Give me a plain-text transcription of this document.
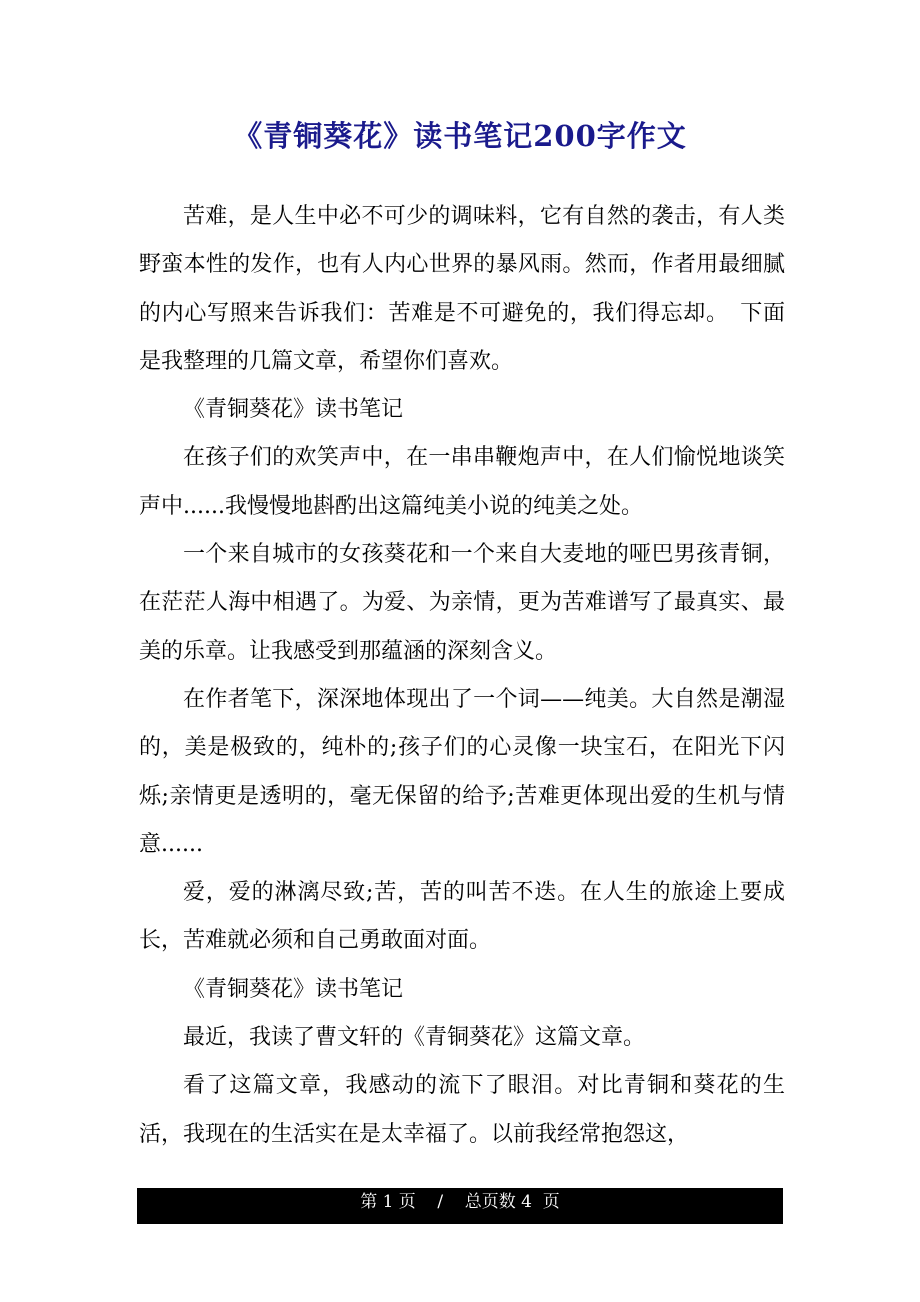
《青铜葵花》读书笔记200字作文

苦难，是人生中必不可少的调味料，它有自然的袭击，有人类野蛮本性的发作，也有人内心世界的暴风雨。然而，作者用最细腻的内心写照来告诉我们：苦难是不可避免的，我们得忘却。　下面是我整理的几篇文章，希望你们喜欢。

《青铜葵花》读书笔记

在孩子们的欢笑声中，在一串串鞭炮声中，在人们愉悦地谈笑声中......我慢慢地斟酌出这篇纯美小说的纯美之处。

一个来自城市的女孩葵花和一个来自大麦地的哑巴男孩青铜，在茫茫人海中相遇了。为爱、为亲情，更为苦难谱写了最真实、最美的乐章。让我感受到那蕴涵的深刻含义。

在作者笔下，深深地体现出了一个词——纯美。大自然是潮湿的，美是极致的，纯朴的;孩子们的心灵像一块宝石，在阳光下闪烁;亲情更是透明的，毫无保留的给予;苦难更体现出爱的生机与情意......

爱，爱的淋漓尽致;苦，苦的叫苦不迭。在人生的旅途上要成长，苦难就必须和自己勇敢面对面。

《青铜葵花》读书笔记

最近，我读了曹文轩的《青铜葵花》这篇文章。

看了这篇文章，我感动的流下了眼泪。对比青铜和葵花的生活，我现在的生活实在是太幸福了。以前我经常抱怨这，

第 1 页    /    总页数 4  页
